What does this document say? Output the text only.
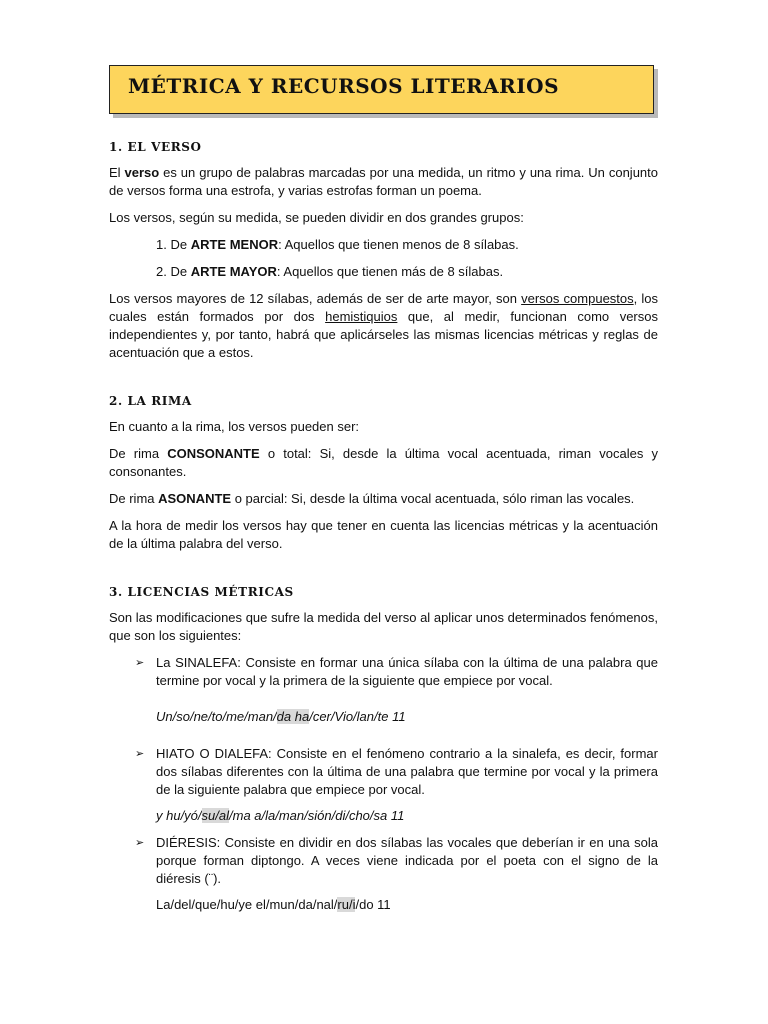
MÉTRICA Y RECURSOS LITERARIOS
1. EL VERSO

El verso es un grupo de palabras marcadas por una medida, un ritmo y una rima. Un conjunto de versos forma una estrofa, y varias estrofas forman un poema.

Los versos, según su medida, se pueden dividir en dos grandes grupos:

1. De ARTE MENOR: Aquellos que tienen menos de 8 sílabas.
2. De ARTE MAYOR: Aquellos que tienen más de 8 sílabas.

Los versos mayores de 12 sílabas, además de ser de arte mayor, son versos compuestos, los cuales están formados por dos hemistiquios que, al medir, funcionan como versos independientes y, por tanto, habrá que aplicárseles las mismas licencias métricas y reglas de acentuación que a estos.

2. LA RIMA

En cuanto a la rima, los versos pueden ser:

De rima CONSONANTE o total: Si, desde la última vocal acentuada, riman vocales y consonantes.

De rima ASONANTE o parcial: Si, desde la última vocal acentuada, sólo riman las vocales.

A la hora de medir los versos hay que tener en cuenta las licencias métricas y la acentuación de la última palabra del verso.

3. LICENCIAS MÉTRICAS

Son las modificaciones que sufre la medida del verso al aplicar unos determinados fenómenos, que son los siguientes:

➢ La SINALEFA: Consiste en formar una única sílaba con la última de una palabra que termine por vocal y la primera de la siguiente que empiece por vocal.
Un/so/ne/to/me/man/da ha/cer/Vio/lan/te 11
➢ HIATO O DIALEFA: Consiste en el fenómeno contrario a la sinalefa, es decir, formar dos sílabas diferentes con la última de una palabra que termine por vocal y la primera de la siguiente palabra que empiece por vocal.
y hu/yó/su/al/ma a/la/man/sión/di/cho/sa 11
➢ DIÉRESIS: Consiste en dividir en dos sílabas las vocales que deberían ir en una sola porque forman diptongo. A veces viene indicada por el poeta con el signo de la diéresis (¨).
La/del/que/hu/ye el/mun/da/nal/ru/i/do 11
